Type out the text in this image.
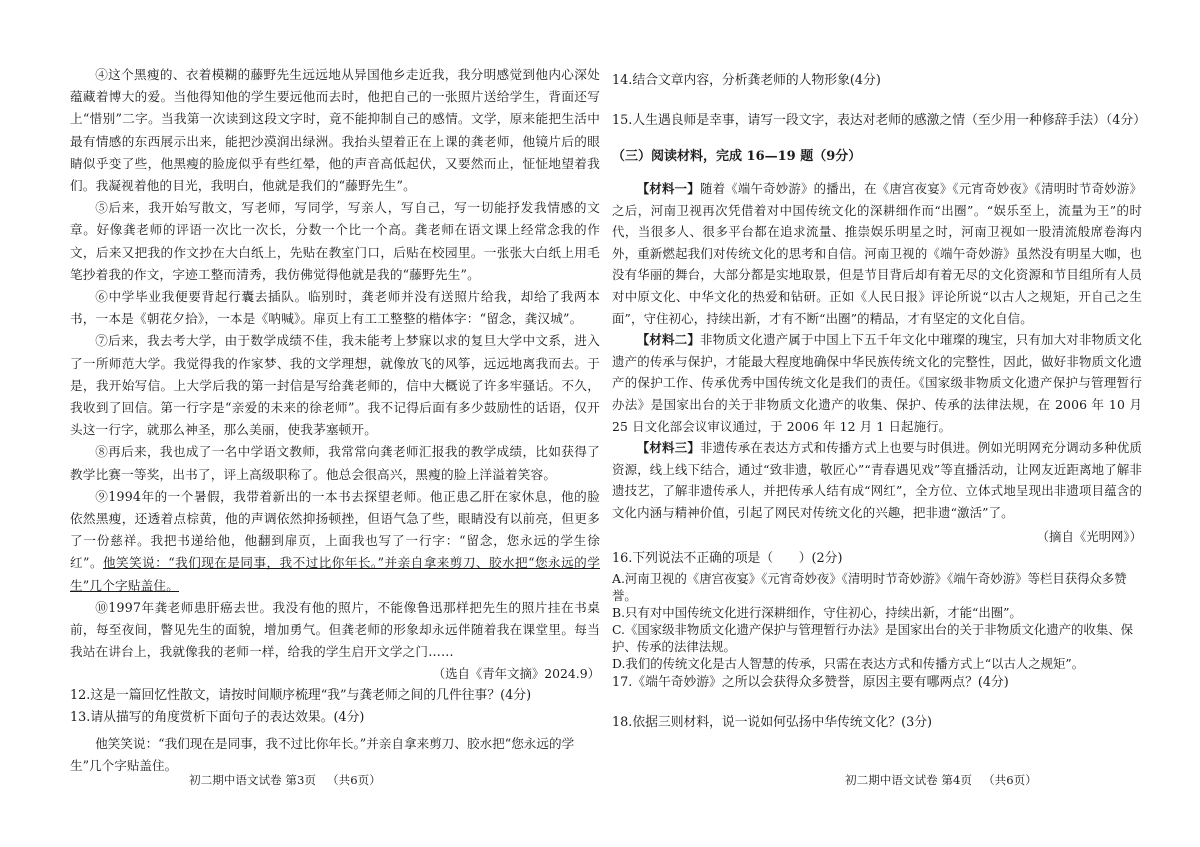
④这个黑瘦的、衣着模糊的藤野先生远远地从异国他乡走近我，我分明感觉到他内心深处蕴藏着博大的爱。当他得知他的学生要远他而去时，他把自己的一张照片送给学生，背面还写上“惜别”二字。当我第一次读到这段文字时，竟不能抑制自己的感情。文学，原来能把生活中最有情感的东西展示出来，能把沙漠润出绿洲。我抬头望着正在上课的龚老师，他镜片后的眼睛似乎变了些，他黑瘦的脸庞似乎有些红晕，他的声音高低起伏，又要然而止，怔怔地望着我们。我凝视着他的目光，我明白，他就是我们的“藤野先生”。

⑤后来，我开始写散文，写老师，写同学，写亲人，写自己，写一切能抒发我情感的文章。好像龚老师的评语一次比一次长，分数一个比一个高。龚老师在语文课上经常念我的作文，后来又把我的作文抄在大白纸上，先贴在教室门口，后贴在校园里。一张张大白纸上用毛笔抄着我的作文，字迹工整而清秀，我仿佛觉得他就是我的“藤野先生”。

⑥中学毕业我便要背起行囊去插队。临别时，龚老师并没有送照片给我，却给了我两本书，一本是《朝花夕拾》，一本是《呐喊》。扉页上有工工整整的楷体字：“留念，龚汉城”。

⑦后来，我去考大学，由于数学成绩不佳，我未能考上梦寐以求的复旦大学中文系，进入了一所师范大学。我觉得我的作家梦、我的文学理想，就像放飞的风筝，远远地离我而去。于是，我开始写信。上大学后我的第一封信是写给龚老师的，信中大概说了许多牢骚话。不久，我收到了回信。第一行字是“亲爱的未来的徐老师”。我不记得后面有多少鼓励性的话语，仅开头这一行字，就那么神圣，那么美丽，使我茅塞顿开。

⑧再后来，我也成了一名中学语文教师，我常常向龚老师汇报我的教学成绩，比如获得了教学比赛一等奖，出书了，评上高级职称了。他总会很高兴，黑瘦的脸上洋溢着笑容。

⑨1994年的一个暑假，我带着新出的一本书去探望老师。他正患乙肝在家休息，他的脸依然黑瘦，还透着点棕黄，他的声调依然抑扬顿挫，但语气急了些，眼睛没有以前亮，但更多了一份慈祥。我把书递给他，他翻到扉页，上面我也写了一行字：“留念，您永远的学生徐红”。他笑笑说：“我们现在是同事，我不过比你年长。”并亲自拿来剪刀、胶水把“您永远的学生”几个字贴盖住。

⑩1997年龚老师患肝癌去世。我没有他的照片，不能像鲁迅那样把先生的照片挂在书桌前，每至夜间，瞥见先生的面貌，增加勇气。但龚老师的形象却永远伴随着我在课堂里。每当我站在讲台上，我就像我的老师一样，给我的学生启开文学之门……

（选自《青年文摘》2024.9）

12.这是一篇回忆性散文，请按时间顺序梳理“我”与龚老师之间的几件往事？(4分)

13.请从描写的角度赏析下面句子的表达效果。(4分)

他笑笑说：“我们现在是同事，我不过比你年长。”并亲自拿来剪刀、胶水把“您永远的学生”几个字贴盖住。

14.结合文章内容，分析龚老师的人物形象(4分)

15.人生遇良师是幸事，请写一段文字，表达对老师的感激之情（至少用一种修辞手法）（4分）

（三）阅读材料，完成 16—19 题（9分）

【材料一】随着《端午奇妙游》的播出，在《唐宫夜宴》《元宵奇妙夜》《清明时节奇妙游》之后，河南卫视再次凭借着对中国传统文化的深耕细作而“出圈”。“娱乐至上，流量为王”的时代，当很多人、很多平台都在追求流量、推崇娱乐明星之时，河南卫视如一股清流般席卷海内外，重新燃起我们对传统文化的思考和自信。河南卫视的《端午奇妙游》虽然没有明星大咖，也没有华丽的舞台，大部分都是实地取景，但是节目背后却有着无尽的文化资源和节目组所有人员对中原文化、中华文化的热爱和钻研。正如《人民日报》评论所说“以古人之规矩，开自己之生面”，守住初心，持续出新，才有不断“出圈”的精品，才有坚定的文化自信。

【材料二】非物质文化遗产属于中国上下五千年文化中璀璨的瑰宝，只有加大对非物质文化遗产的传承与保护，才能最大程度地确保中华民族传统文化的完整性，因此，做好非物质文化遗产的保护工作、传承优秀中国传统文化是我们的责任。《国家级非物质文化遗产保护与管理暂行办法》是国家出台的关于非物质文化遗产的收集、保护、传承的法律法规，在 2006 年 10 月 25 日文化部会议审议通过，于 2006 年 12 月 1 日起施行。

【材料三】非遗传承在表达方式和传播方式上也要与时俱进。例如光明网充分调动多种优质资源，线上线下结合，通过“致非遗，敬匠心”“青春遇见戏”等直播活动，让网友近距离地了解非遗技艺，了解非遗传承人，并把传承人结有成“网红”，全方位、立体式地呈现出非遗项目蕴含的文化内涵与精神价值，引起了网民对传统文化的兴趣，把非遗“激活”了。

（摘自《光明网》）

16.下列说法不正确的项是（　　）(2分)

A.河南卫视的《唐宫夜宴》《元宵奇妙夜》《清明时节奇妙游》《端午奇妙游》等栏目获得众多赞誉。

B.只有对中国传统文化进行深耕细作，守住初心，持续出新，才能“出圈”。

C.《国家级非物质文化遗产保护与管理暂行办法》是国家出台的关于非物质文化遗产的收集、保护、传承的法律法规。

D.我们的传统文化是古人智慧的传承，只需在表达方式和传播方式上“以古人之规矩”。

17.《端午奇妙游》之所以会获得众多赞誉，原因主要有哪两点？(4分)

18.依据三则材料，说一说如何弘扬中华传统文化？(3分)

初二期中语文试卷 第3页   （共6页）	初二期中语文试卷 第4页   （共6页）
